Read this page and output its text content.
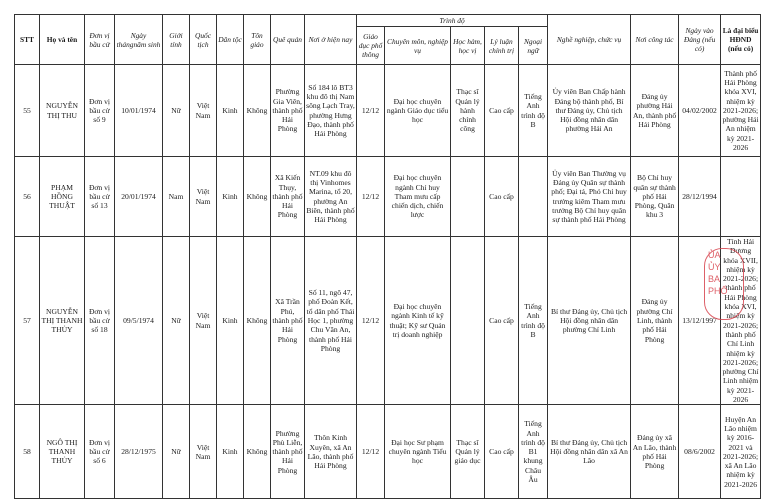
STT	Họ và tên	Đơn vị bầu cử	Ngày thángnăm sinh	Giới tính	Quốc tịch	Dân tộc	Tôn giáo	Quê quán	Nơi ở hiện nay	Trình độ					Nghề nghiệp, chức vụ	Nơi công tác	Ngày vào Đảng (nếu có)	Là đại biểu HĐND (nếu có)
										Giáo dục phổ thông	Chuyên môn, nghiệp vụ	Học hàm, học vị	Lý luận chính trị	Ngoại ngữ				
55	NGUYỄN THỊ THU	Đơn vị bầu cử số 9	10/01/1974	Nữ	Việt Nam	Kinh	Không	Phường Gia Viên, thành phố Hải Phòng	Số 184 lô BT3 khu đô thị Nam sông Lạch Tray, phường Hưng Đạo, thành phố Hải Phòng	12/12	Đại học chuyên ngành Giáo dục tiểu học	Thạc sĩ Quản lý hành chính công	Cao cấp	Tiếng Anh trình độ B	Ủy viên Ban Chấp hành Đảng bộ thành phố, Bí thư Đảng ủy, Chủ tịch Hội đồng nhân dân phường Hải An	Đảng ủy phường Hải An, thành phố Hải Phòng	04/02/2002	Thành phố Hải Phòng khóa XVI, nhiệm kỳ 2021-2026; phường Hải An nhiệm kỳ 2021-2026
56	PHẠM HỒNG THUẬT	Đơn vị bầu cử số 13	20/01/1974	Nam	Việt Nam	Kinh	Không	Xã Kiến Thụy, thành phố Hải Phòng	NT.09 khu đô thị Vinhomes Marina, tổ 20, phường An Biên, thành phố Hải Phòng	12/12	Đại học chuyên ngành Chỉ huy Tham mưu cấp chiến dịch, chiến lược		Cao cấp		Ủy viên Ban Thường vụ Đảng ủy Quân sự thành phố; Đại tá, Phó Chỉ huy trưởng kiêm Tham mưu trưởng Bộ Chỉ huy quân sự thành phố Hải Phòng	Bộ Chỉ huy quân sự thành phố Hải Phòng, Quân khu 3	28/12/1994	
57	NGUYỄN THỊ THANH THỦY	Đơn vị bầu cử số 18	09/5/1974	Nữ	Việt Nam	Kinh	Không	Xã Trần Phú, thành phố Hải Phòng	Số 11, ngõ 47, phố Đoàn Kết, tổ dân phố Thái Học 1, phường Chu Văn An, thành phố Hải Phòng	12/12	Đại học chuyên ngành Kinh tế kỹ thuật; Kỹ sư Quản trị doanh nghiệp		Cao cấp	Tiếng Anh trình độ B	Bí thư Đảng ủy, Chủ tịch Hội đồng nhân dân phường Chí Linh	Đảng ủy phường Chí Linh, thành phố Hải Phòng	13/12/1997	Tỉnh Hải Dương khóa XVII, nhiệm kỳ 2021-2026; thành phố Hải Phòng khóa XVI, nhiệm kỳ 2021-2026; thành phố Chí Linh nhiệm kỳ 2021-2026; phường Chí Linh nhiệm kỳ 2021-2026
58	NGÔ THỊ THANH THỦY	Đơn vị bầu cử số 6	28/12/1975	Nữ	Việt Nam	Kinh	Không	Phường Phù Liễn, thành phố Hải Phòng	Thôn Kinh Xuyên, xã An Lão, thành phố Hải Phòng	12/12	Đại học Sư phạm chuyên ngành Tiểu học	Thạc sĩ Quản lý giáo dục	Cao cấp	Tiếng Anh trình độ B1 khung Châu Âu	Bí thư Đảng ủy, Chủ tịch Hội đồng nhân dân xã An Lão	Đảng ủy xã An Lão, thành phố Hải Phòng	08/6/2002	Huyện An Lão nhiệm kỳ 2016-2021 và 2021-2026; xã An Lão nhiệm kỳ 2021-2026
ỦA
ỦY
BA
PHỐ
